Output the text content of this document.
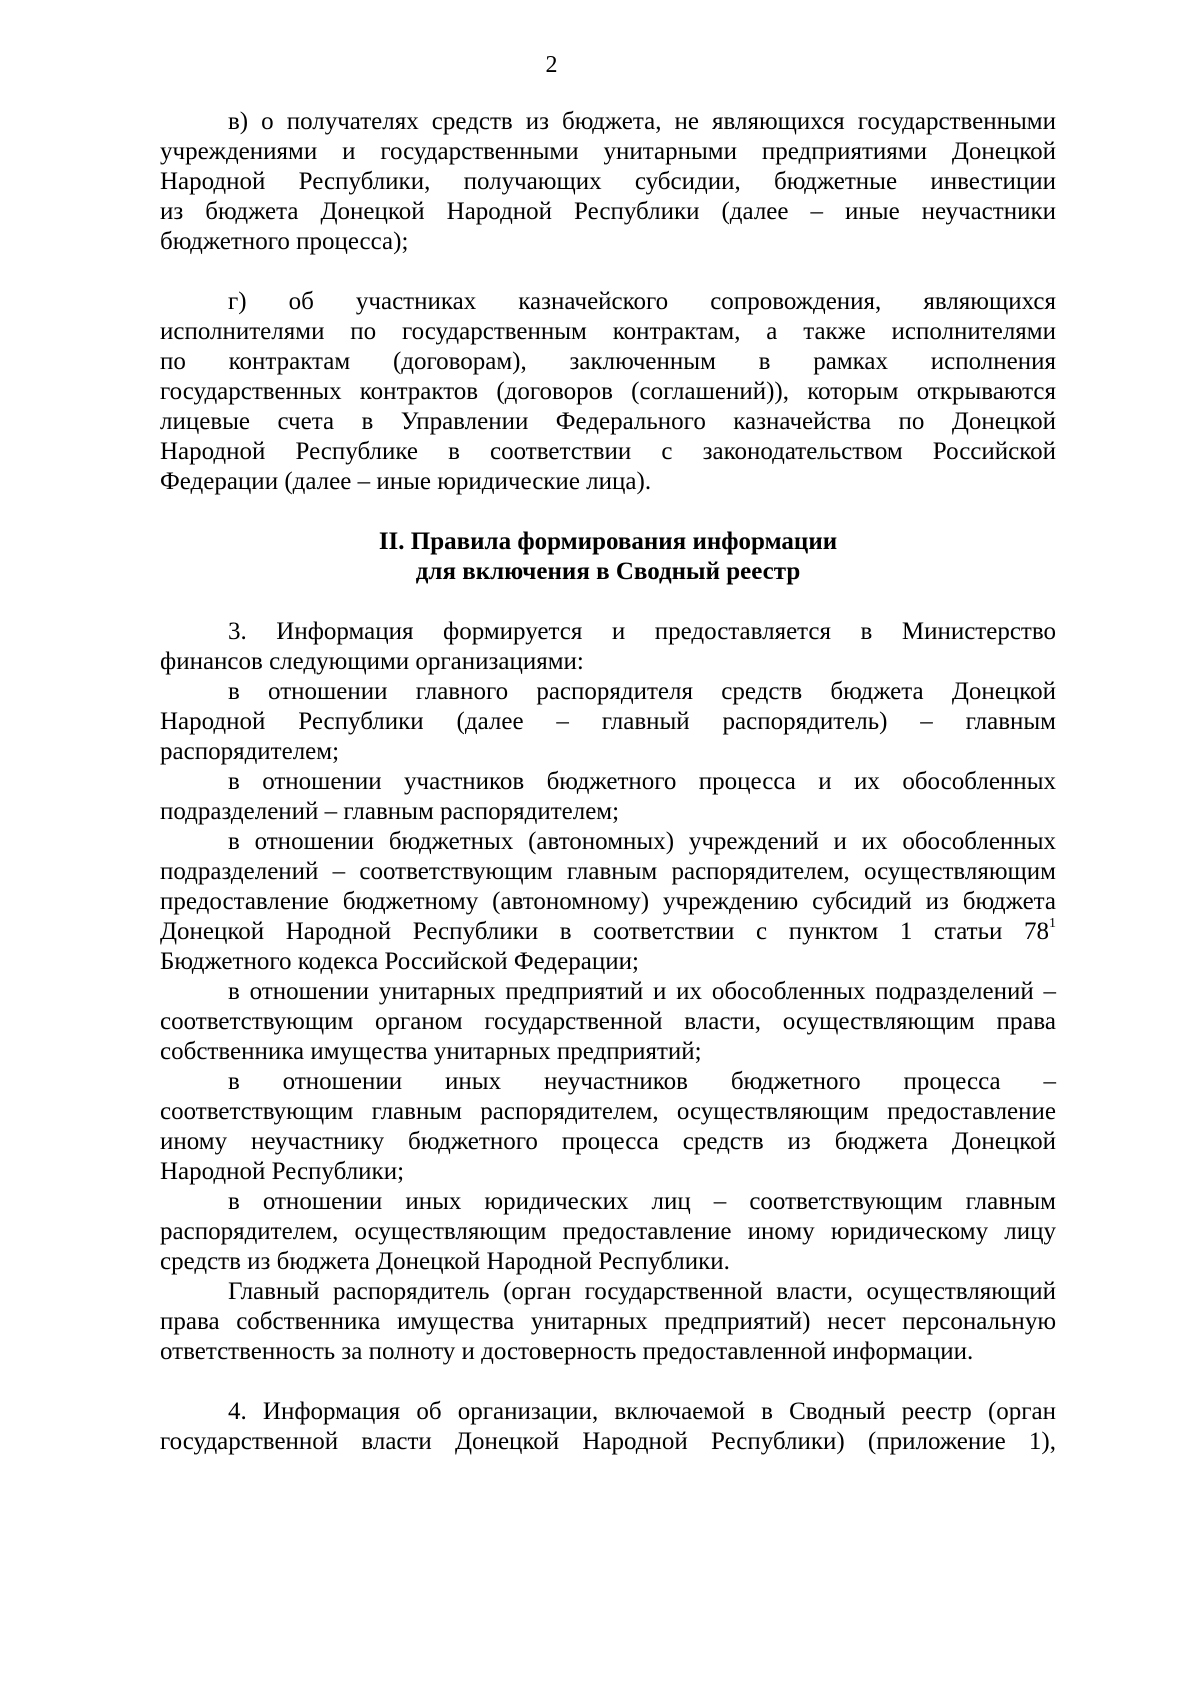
2
в) о получателях средств из бюджета, не являющихся государственными
учреждениями и государственными унитарными предприятиями Донецкой
Народной Республики, получающих субсидии, бюджетные инвестиции
из бюджета Донецкой Народной Республики (далее – иные неучастники
бюджетного процесса);
г) об участниках казначейского сопровождения, являющихся
исполнителями по государственным контрактам, а также исполнителями
по контрактам (договорам), заключенным в рамках исполнения
государственных контрактов (договоров (соглашений)), которым открываются
лицевые счета в Управлении Федерального казначейства по Донецкой
Народной Республике в соответствии с законодательством Российской
Федерации (далее – иные юридические лица).
II. Правила формирования информации
для включения в Сводный реестр
3. Информация формируется и предоставляется в Министерство
финансов следующими организациями:
в отношении главного распорядителя средств бюджета Донецкой
Народной Республики (далее – главный распорядитель) – главным
распорядителем;
в отношении участников бюджетного процесса и их обособленных
подразделений – главным распорядителем;
в отношении бюджетных (автономных) учреждений и их обособленных
подразделений – соответствующим главным распорядителем, осуществляющим
предоставление бюджетному (автономному) учреждению субсидий из бюджета
Донецкой Народной Республики в соответствии с пунктом 1 статьи $78^1$
Бюджетного кодекса Российской Федерации;
в отношении унитарных предприятий и их обособленных подразделений –
соответствующим органом государственной власти, осуществляющим права
собственника имущества унитарных предприятий;
в отношении иных неучастников бюджетного процесса –
соответствующим главным распорядителем, осуществляющим предоставление
иному неучастнику бюджетного процесса средств из бюджета Донецкой
Народной Республики;
в отношении иных юридических лиц – соответствующим главным
распорядителем, осуществляющим предоставление иному юридическому лицу
средств из бюджета Донецкой Народной Республики.
Главный распорядитель (орган государственной власти, осуществляющий
права собственника имущества унитарных предприятий) несет персональную
ответственность за полноту и достоверность предоставленной информации.
4. Информация об организации, включаемой в Сводный реестр (орган
государственной власти Донецкой Народной Республики) (приложение 1),
